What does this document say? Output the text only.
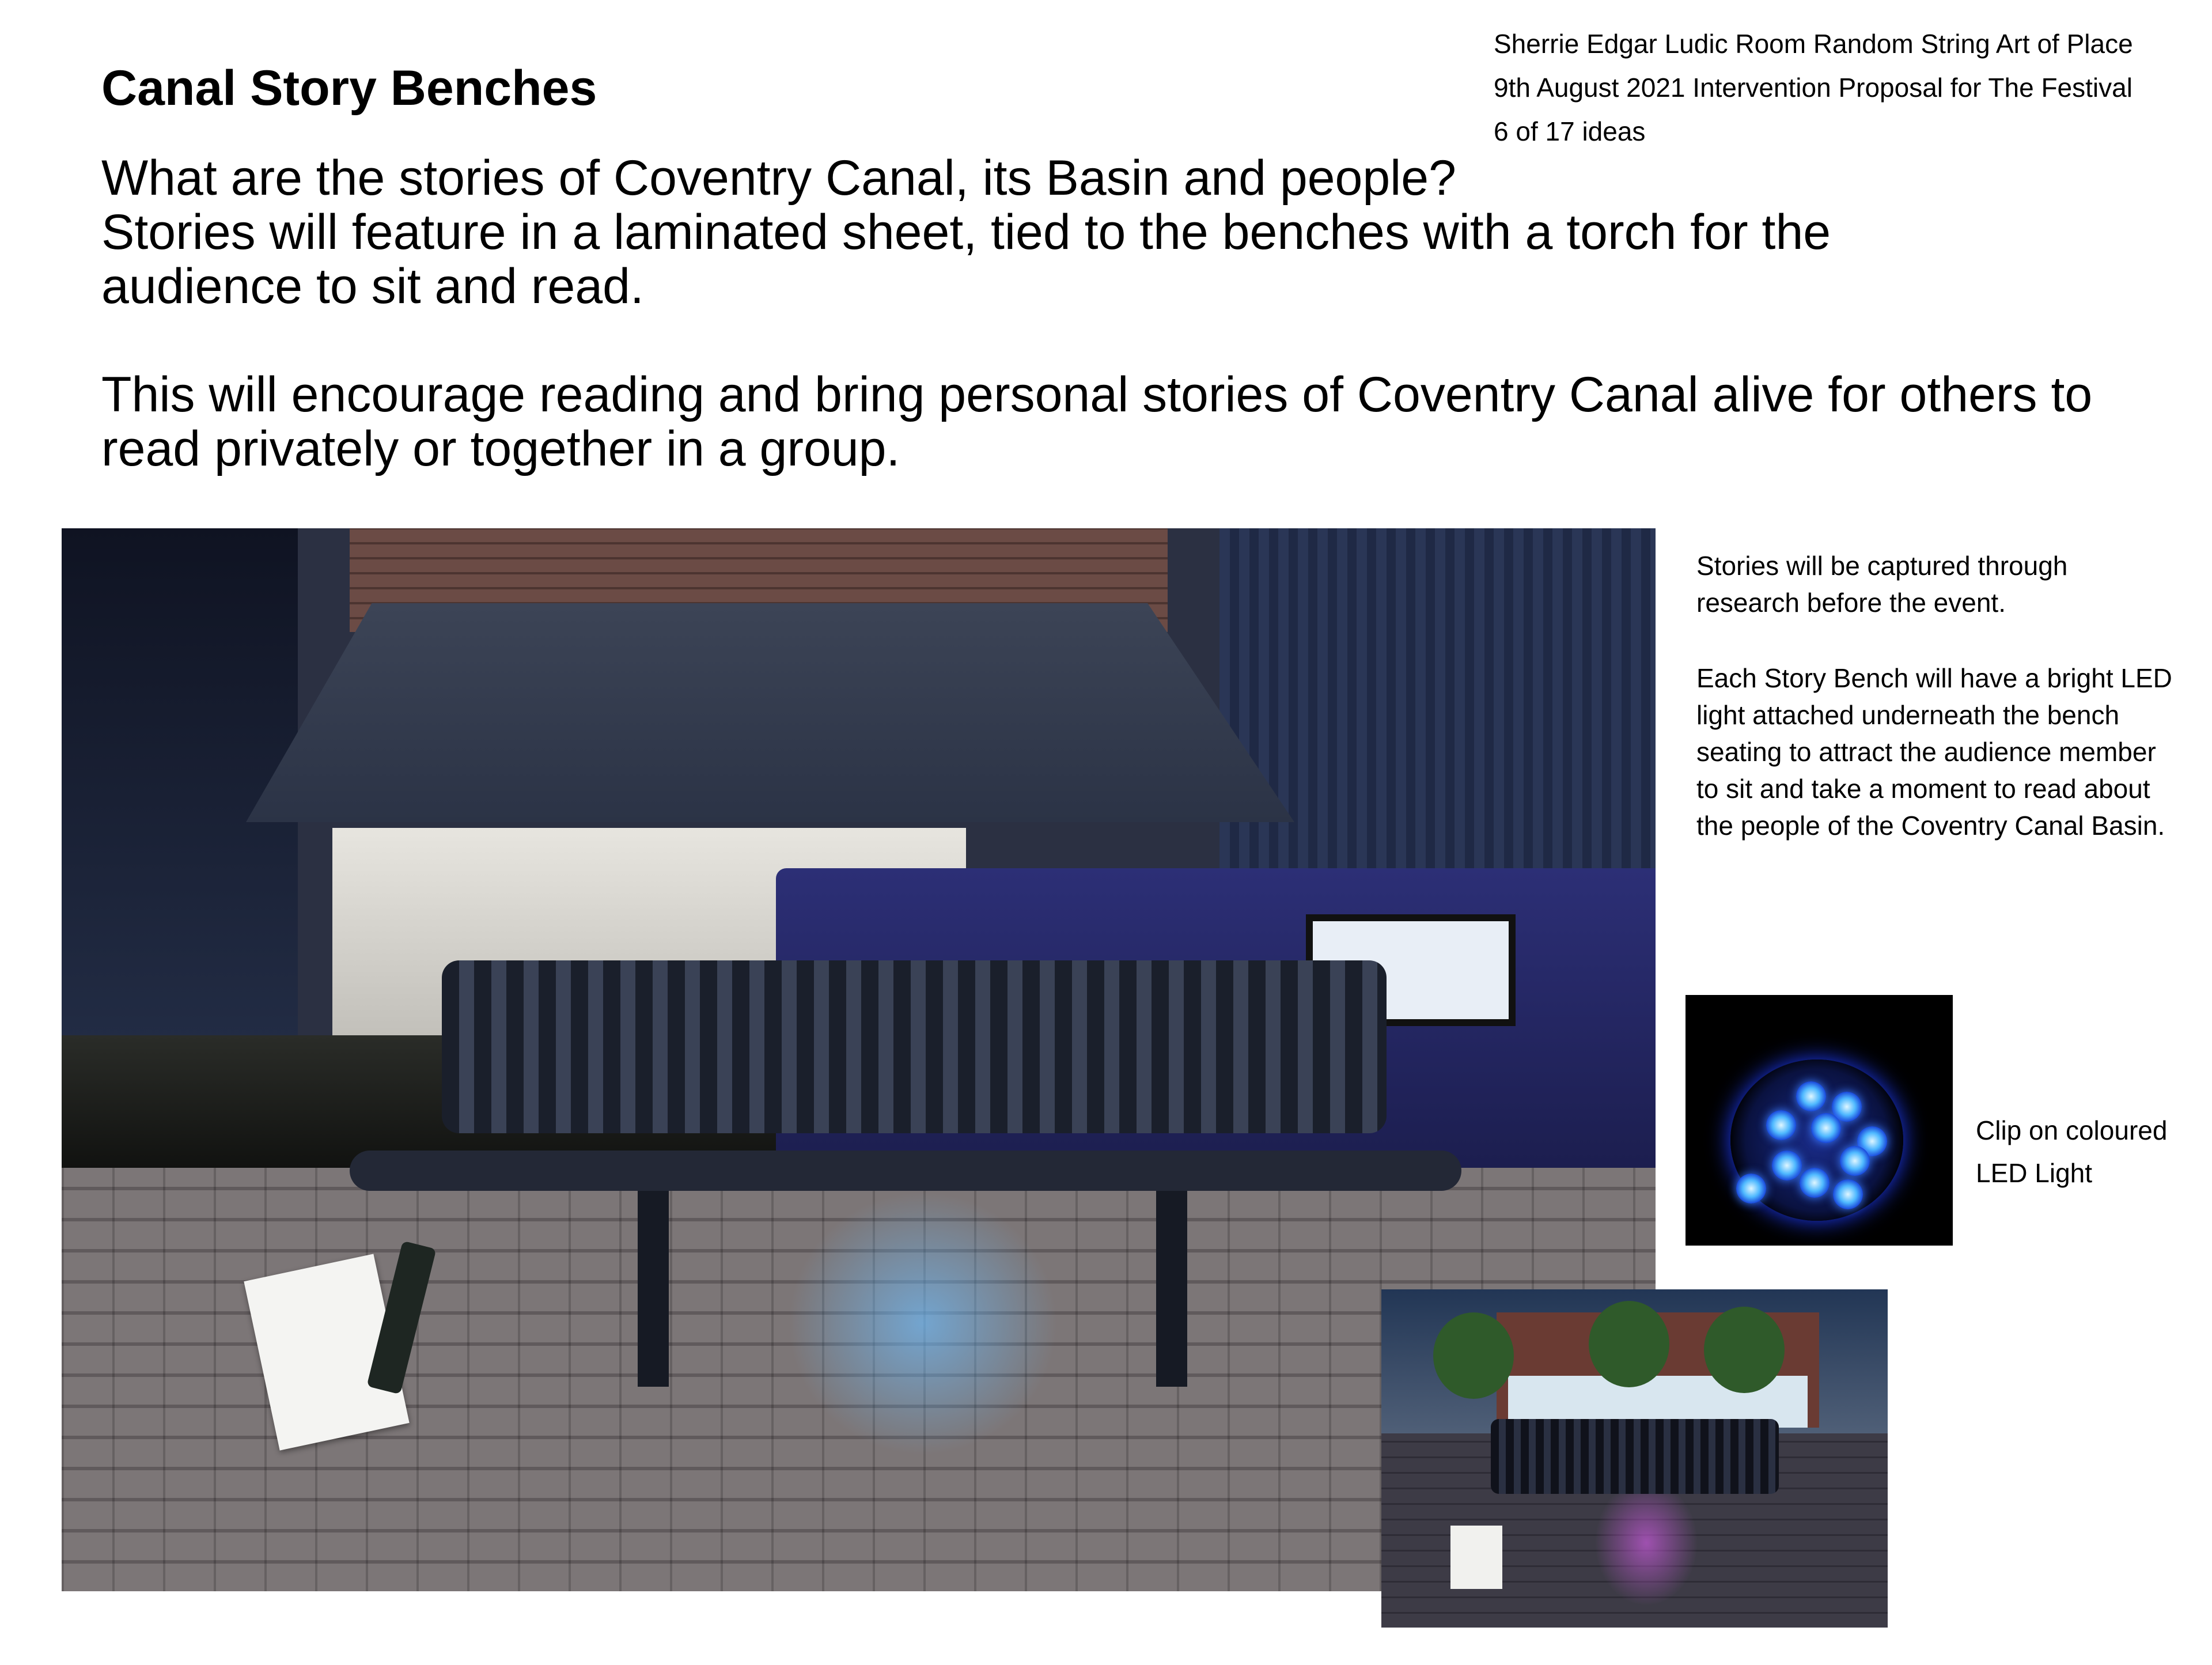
Sherrie Edgar Ludic Room Random String Art of Place
9th August 2021 Intervention Proposal for The Festival
6 of 17 ideas
Canal Story Benches

What are the stories of Coventry Canal, its Basin and people?

Stories will feature in a laminated sheet, tied to the benches with a torch for the

audience to sit and read.

This will encourage reading and bring personal stories of Coventry Canal alive for others to

read privately or together in a group.

Stories will be captured through
research before the event.
Each Story Bench will have a bright LED
light attached underneath the bench
seating to attract the audience member
to sit and take a moment to read about
the people of the Coventry Canal Basin.
Clip on coloured
LED Light
